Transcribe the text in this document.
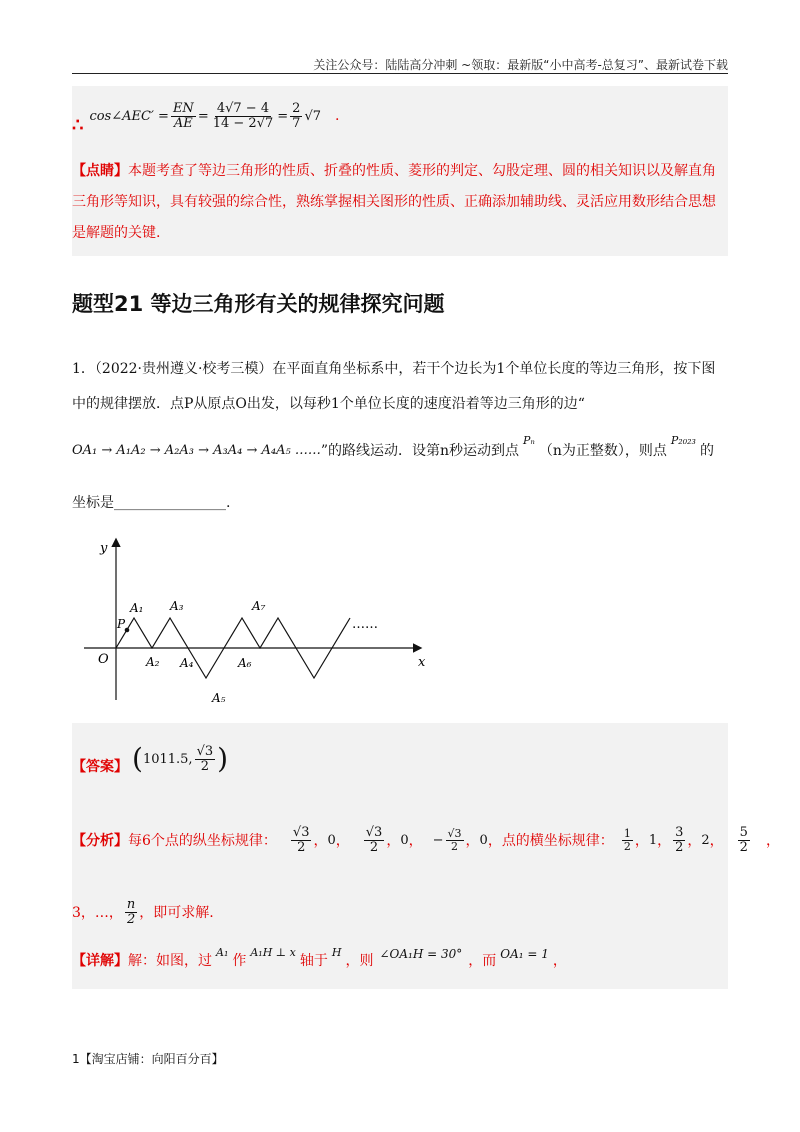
关注公众号：陆陆高分冲刺 ~领取：最新版“小中高考-总复习”、最新试卷下载
∴ cos∠AEC′ = $\frac{EN}{AE} = \frac{4√7 - 4}{14 - 2√7} = \frac{2}{7} √7$ .
【点睛】本题考查了等边三角形的性质、折叠的性质、菱形的判定、勾股定理、圆的相关知识以及解直角三角形等知识，具有较强的综合性，熟练掌握相关图形的性质、正确添加辅助线、灵活应用数形结合思想是解题的关键.
题型21 等边三角形有关的规律探究问题
1．（2022·贵州遵义·校考三模）在平面直角坐标系中，若干个边长为1个单位长度的等边三角形，按下图
中的规律摆放．点P从原点O出发，以每秒1个单位长度的速度沿着等边三角形的边“
OA₁ → A₁A₂ → A₂A₃ → A₃A₄ → A₄A₅ …… ”的路线运动．设第n秒运动到点
Pₙ
（n为正整数），则点
P₂₀₂₃
的
坐标是________________.
y
x
O
P
A₁
A₂
A₃
A₄
A₅
A₆
A₇
……
【答案】 ( 1011.5, $\frac{√3}{2}$ )
【分析】 每6个点的纵坐标规律： $\frac{√3}{2}$ ， 0 ， $\frac{√3}{2}$ ， 0 ， − $\frac{√3}{2}$ ， 0 ， 点的横坐标规律： $\frac{1}{2}$ ， 1 ， $\frac{3}{2}$ ， 2 ， $\frac{5}{2}$ ，
3，…， $\frac{n}{2}$ ，即可求解.
【详解】 解：如图，过
A₁
作
A₁H ⊥ x
轴于
H
，则 ∠OA₁H = 30° ，而 OA₁ = 1 ，
1【淘宝店铺：向阳百分百】
